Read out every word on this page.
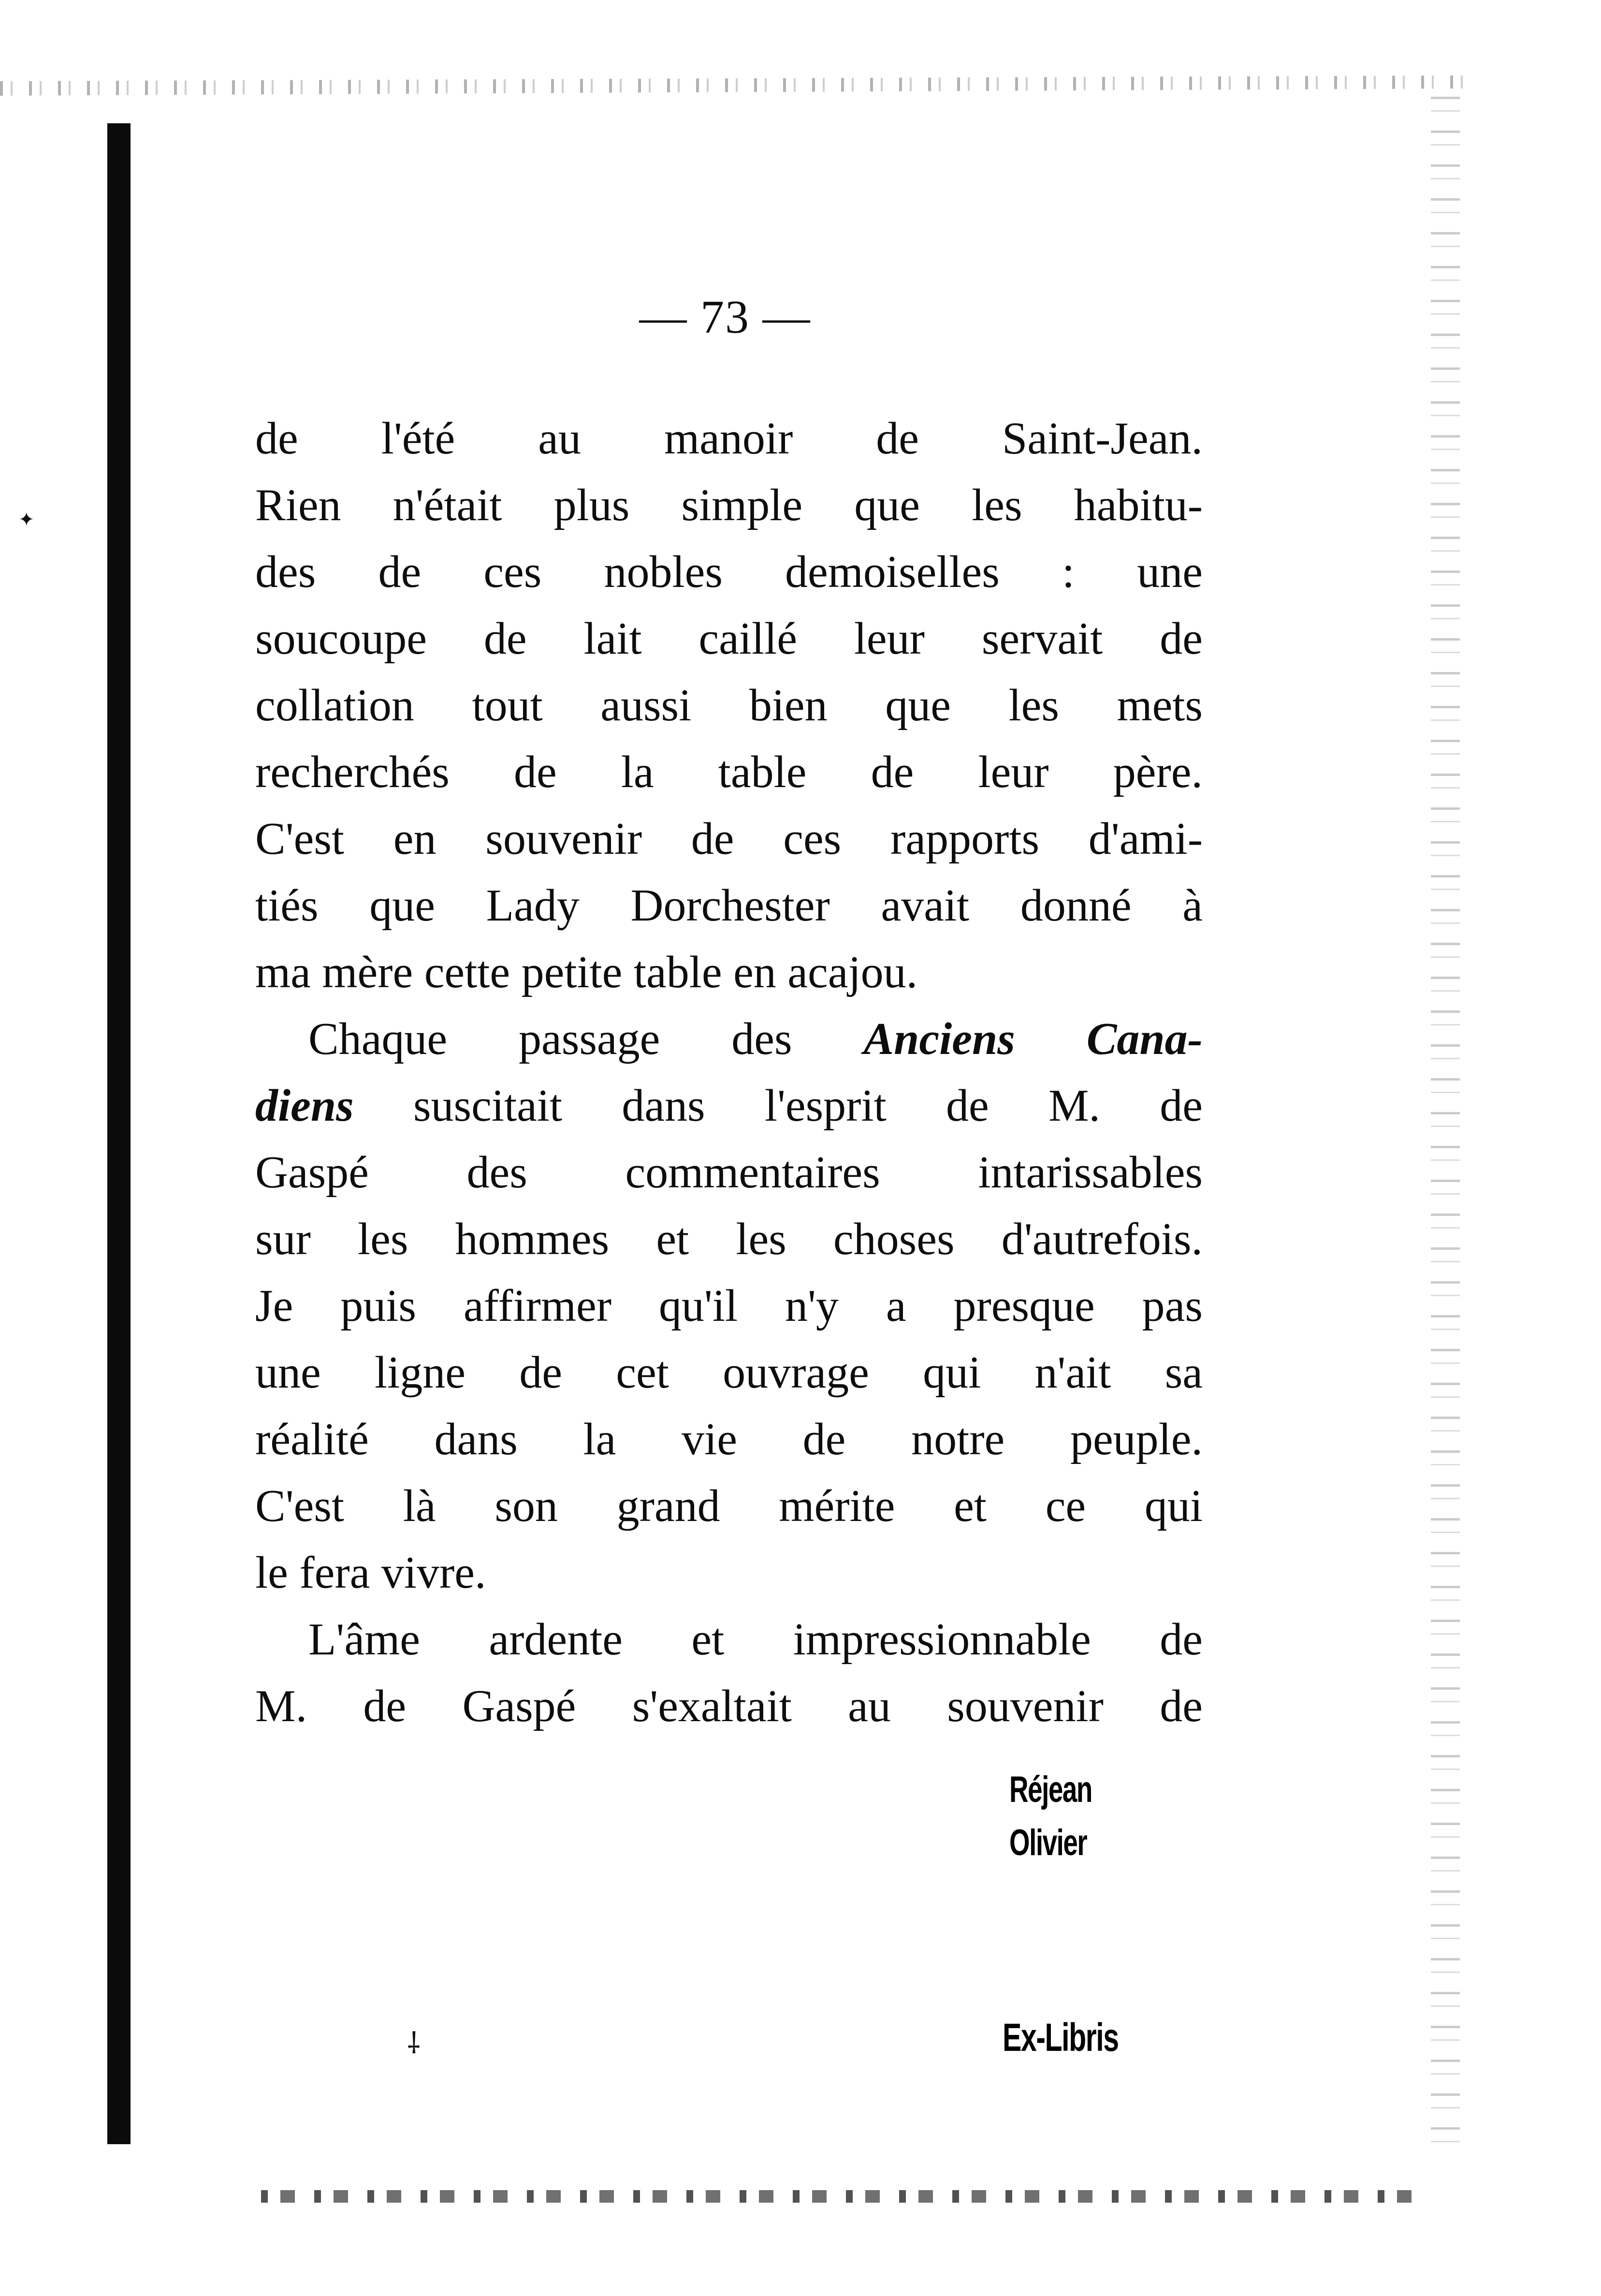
✦
⸸
— 73 —
de l'été au manoir de Saint-Jean.
Rien n'était plus simple que les habitu-
des de ces nobles demoiselles : une
soucoupe de lait caillé leur servait de
collation tout aussi bien que les mets
recherchés de la table de leur père.
C'est en souvenir de ces rapports d'ami-
tiés que Lady Dorchester avait donné à
ma mère cette petite table en acajou.
Chaque passage des Anciens Cana-
diens suscitait dans l'esprit de M. de
Gaspé des commentaires intarissables
sur les hommes et les choses d'autrefois.
Je puis affirmer qu'il n'y a presque pas
une ligne de cet ouvrage qui n'ait sa
réalité dans la vie de notre peuple.
C'est là son grand mérite et ce qui
le fera vivre.
L'âme ardente et impressionnable de
M. de Gaspé s'exaltait au souvenir de
Réjean
Olivier
Ex-Libris
